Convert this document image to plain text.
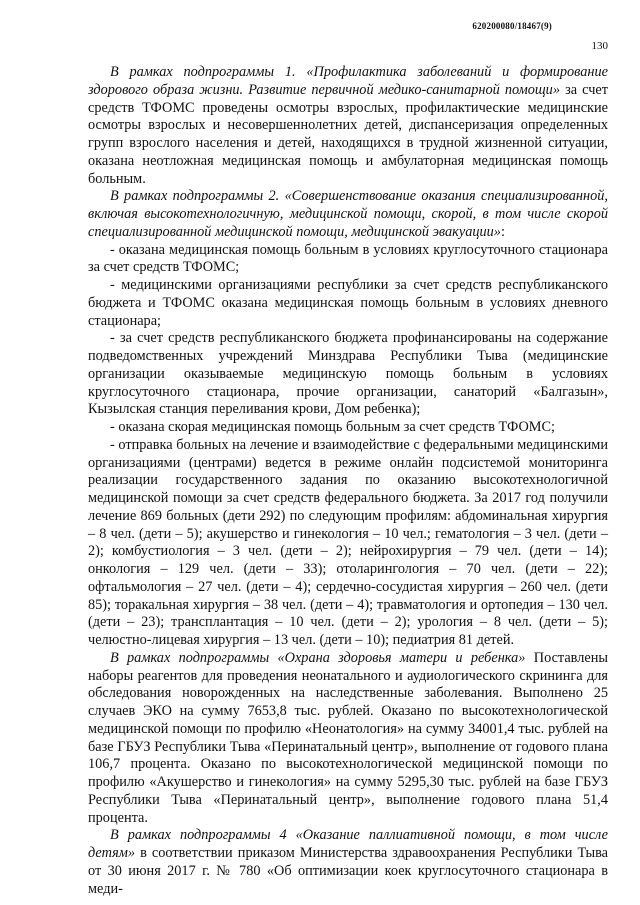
620200080/18467(9)
130

В рамках подпрограммы 1. «Профилактика заболеваний и формирование здорового образа жизни. Развитие первичной медико-санитарной помощи» за счет средств ТФОМС проведены осмотры взрослых, профилактические медицинские осмотры взрослых и несовершеннолетних детей, диспансеризация определенных групп взрослого населения и детей, находящихся в трудной жизненной ситуации, оказана неотложная медицинская помощь и амбулаторная медицинская помощь больным.

В рамках подпрограммы 2. «Совершенствование оказания специализированной, включая высокотехнологичную, медицинской помощи, скорой, в том числе скорой специализированной медицинской помощи, медицинской эвакуации»:

- оказана медицинская помощь больным в условиях круглосуточного стационара за счет средств ТФОМС;

- медицинскими организациями республики за счет средств республиканского бюджета и ТФОМС оказана медицинская помощь больным в условиях дневного стационара;

- за счет средств республиканского бюджета профинансированы на содержание подведомственных учреждений Минздрава Республики Тыва (медицинские организации оказываемые медицинскую помощь больным в условиях круглосуточного стационара, прочие организации, санаторий «Балгазын», Кызылская станция переливания крови, Дом ребенка);

- оказана скорая медицинская помощь больным за счет средств ТФОМС;

- отправка больных на лечение и взаимодействие с федеральными медицинскими организациями (центрами) ведется в режиме онлайн подсистемой мониторинга реализации государственного задания по оказанию высокотехнологичной медицинской помощи за счет средств федерального бюджета. За 2017 год получили лечение 869 больных (дети 292) по следующим профилям: абдоминальная хирургия – 8 чел. (дети – 5); акушерство и гинекология – 10 чел.; гематология – 3 чел. (дети – 2); комбустиология – 3 чел. (дети – 2); нейрохирургия – 79 чел. (дети – 14); онкология – 129 чел. (дети – 33); отоларингология – 70 чел. (дети – 22); офтальмология – 27 чел. (дети – 4); сердечно-сосудистая хирургия – 260 чел. (дети 85); торакальная хирургия – 38 чел. (дети – 4); травматология и ортопедия – 130 чел. (дети – 23); трансплантация – 10 чел. (дети – 2); урология – 8 чел. (дети – 5); челюстно-лицевая хирургия – 13 чел. (дети – 10); педиатрия 81 детей.

В рамках подпрограммы «Охрана здоровья матери и ребенка» Поставлены наборы реагентов для проведения неонатального и аудиологического скрининга для обследования новорожденных на наследственные заболевания. Выполнено 25 случаев ЭКО на сумму 7653,8 тыс. рублей. Оказано по высокотехнологической медицинской помощи по профилю «Неонатология» на сумму 34001,4 тыс. рублей на базе ГБУЗ Республики Тыва «Перинатальный центр», выполнение от годового плана 106,7 процента. Оказано по высокотехнологической медицинской помощи по профилю «Акушерство и гинекология» на сумму 5295,30 тыс. рублей на базе ГБУЗ Республики Тыва «Перинатальный центр», выполнение годового плана 51,4 процента.

В рамках подпрограммы 4 «Оказание паллиативной помощи, в том числе детям» в соответствии приказом Министерства здравоохранения Республики Тыва от 30 июня 2017 г. № 780 «Об оптимизации коек круглосуточного стационара в меди-
